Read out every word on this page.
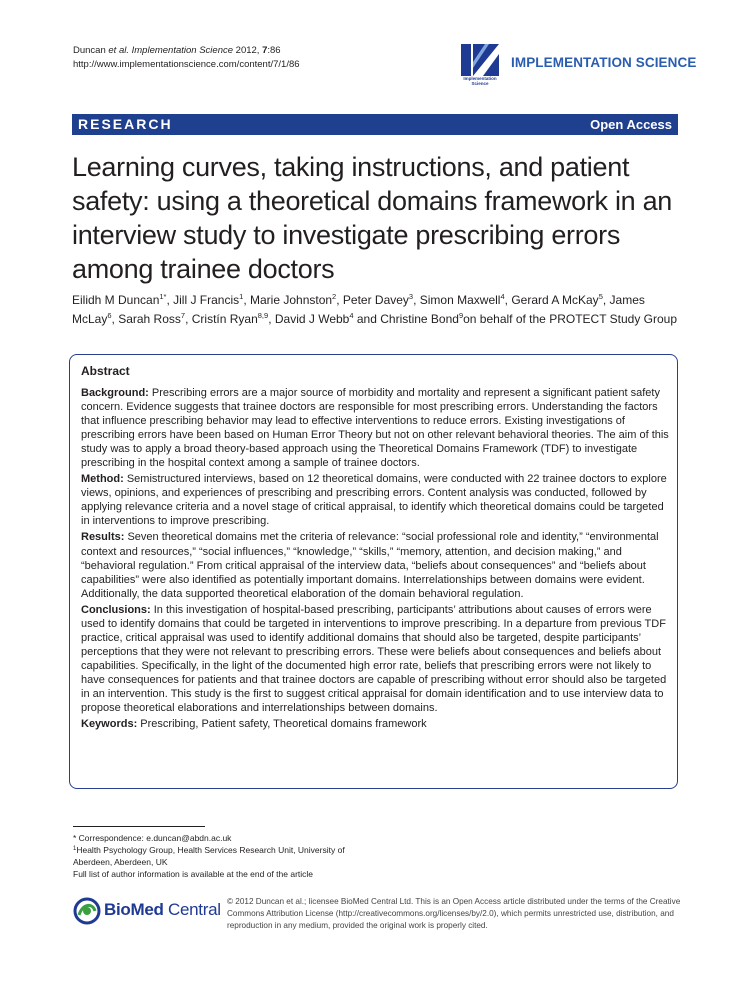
Duncan et al. Implementation Science 2012, 7:86
http://www.implementationscience.com/content/7/1/86
Implementation
Science
IMPLEMENTATION SCIENCE
RESEARCH	Open Access
Learning curves, taking instructions, and patient safety: using a theoretical domains framework in an interview study to investigate prescribing errors among trainee doctors
Eilidh M Duncan$^{1*}$, Jill J Francis$^1$, Marie Johnston$^2$, Peter Davey$^3$, Simon Maxwell$^4$, Gerard A McKay$^5$, James McLay$^6$, Sarah Ross$^7$, Cristín Ryan$^{8,9}$, David J Webb$^4$ and Christine Bond$^9$on behalf of the PROTECT Study Group
Abstract

Background: Prescribing errors are a major source of morbidity and mortality and represent a significant patient safety concern. Evidence suggests that trainee doctors are responsible for most prescribing errors. Understanding the factors that influence prescribing behavior may lead to effective interventions to reduce errors. Existing investigations of prescribing errors have been based on Human Error Theory but not on other relevant behavioral theories. The aim of this study was to apply a broad theory-based approach using the Theoretical Domains Framework (TDF) to investigate prescribing in the hospital context among a sample of trainee doctors.

Method: Semistructured interviews, based on 12 theoretical domains, were conducted with 22 trainee doctors to explore views, opinions, and experiences of prescribing and prescribing errors. Content analysis was conducted, followed by applying relevance criteria and a novel stage of critical appraisal, to identify which theoretical domains could be targeted in interventions to improve prescribing.

Results: Seven theoretical domains met the criteria of relevance: “social professional role and identity,” “environmental context and resources,” “social influences,” “knowledge,” “skills,” “memory, attention, and decision making,” and “behavioral regulation.” From critical appraisal of the interview data, “beliefs about consequences” and “beliefs about capabilities” were also identified as potentially important domains. Interrelationships between domains were evident. Additionally, the data supported theoretical elaboration of the domain behavioral regulation.

Conclusions: In this investigation of hospital-based prescribing, participants’ attributions about causes of errors were used to identify domains that could be targeted in interventions to improve prescribing. In a departure from previous TDF practice, critical appraisal was used to identify additional domains that should also be targeted, despite participants’ perceptions that they were not relevant to prescribing errors. These were beliefs about consequences and beliefs about capabilities. Specifically, in the light of the documented high error rate, beliefs that prescribing errors were not likely to have consequences for patients and that trainee doctors are capable of prescribing without error should also be targeted in an intervention. This study is the first to suggest critical appraisal for domain identification and to use interview data to propose theoretical elaborations and interrelationships between domains.

Keywords: Prescribing, Patient safety, Theoretical domains framework

* Correspondence: e.duncan@abdn.ac.uk
$^1$Health Psychology Group, Health Services Research Unit, University of Aberdeen, Aberdeen, UK
Full list of author information is available at the end of the article
BioMed Central © 2012 Duncan et al.; licensee BioMed Central Ltd. This is an Open Access article distributed under the terms of the Creative Commons Attribution License (http://creativecommons.org/licenses/by/2.0), which permits unrestricted use, distribution, and reproduction in any medium, provided the original work is properly cited.
